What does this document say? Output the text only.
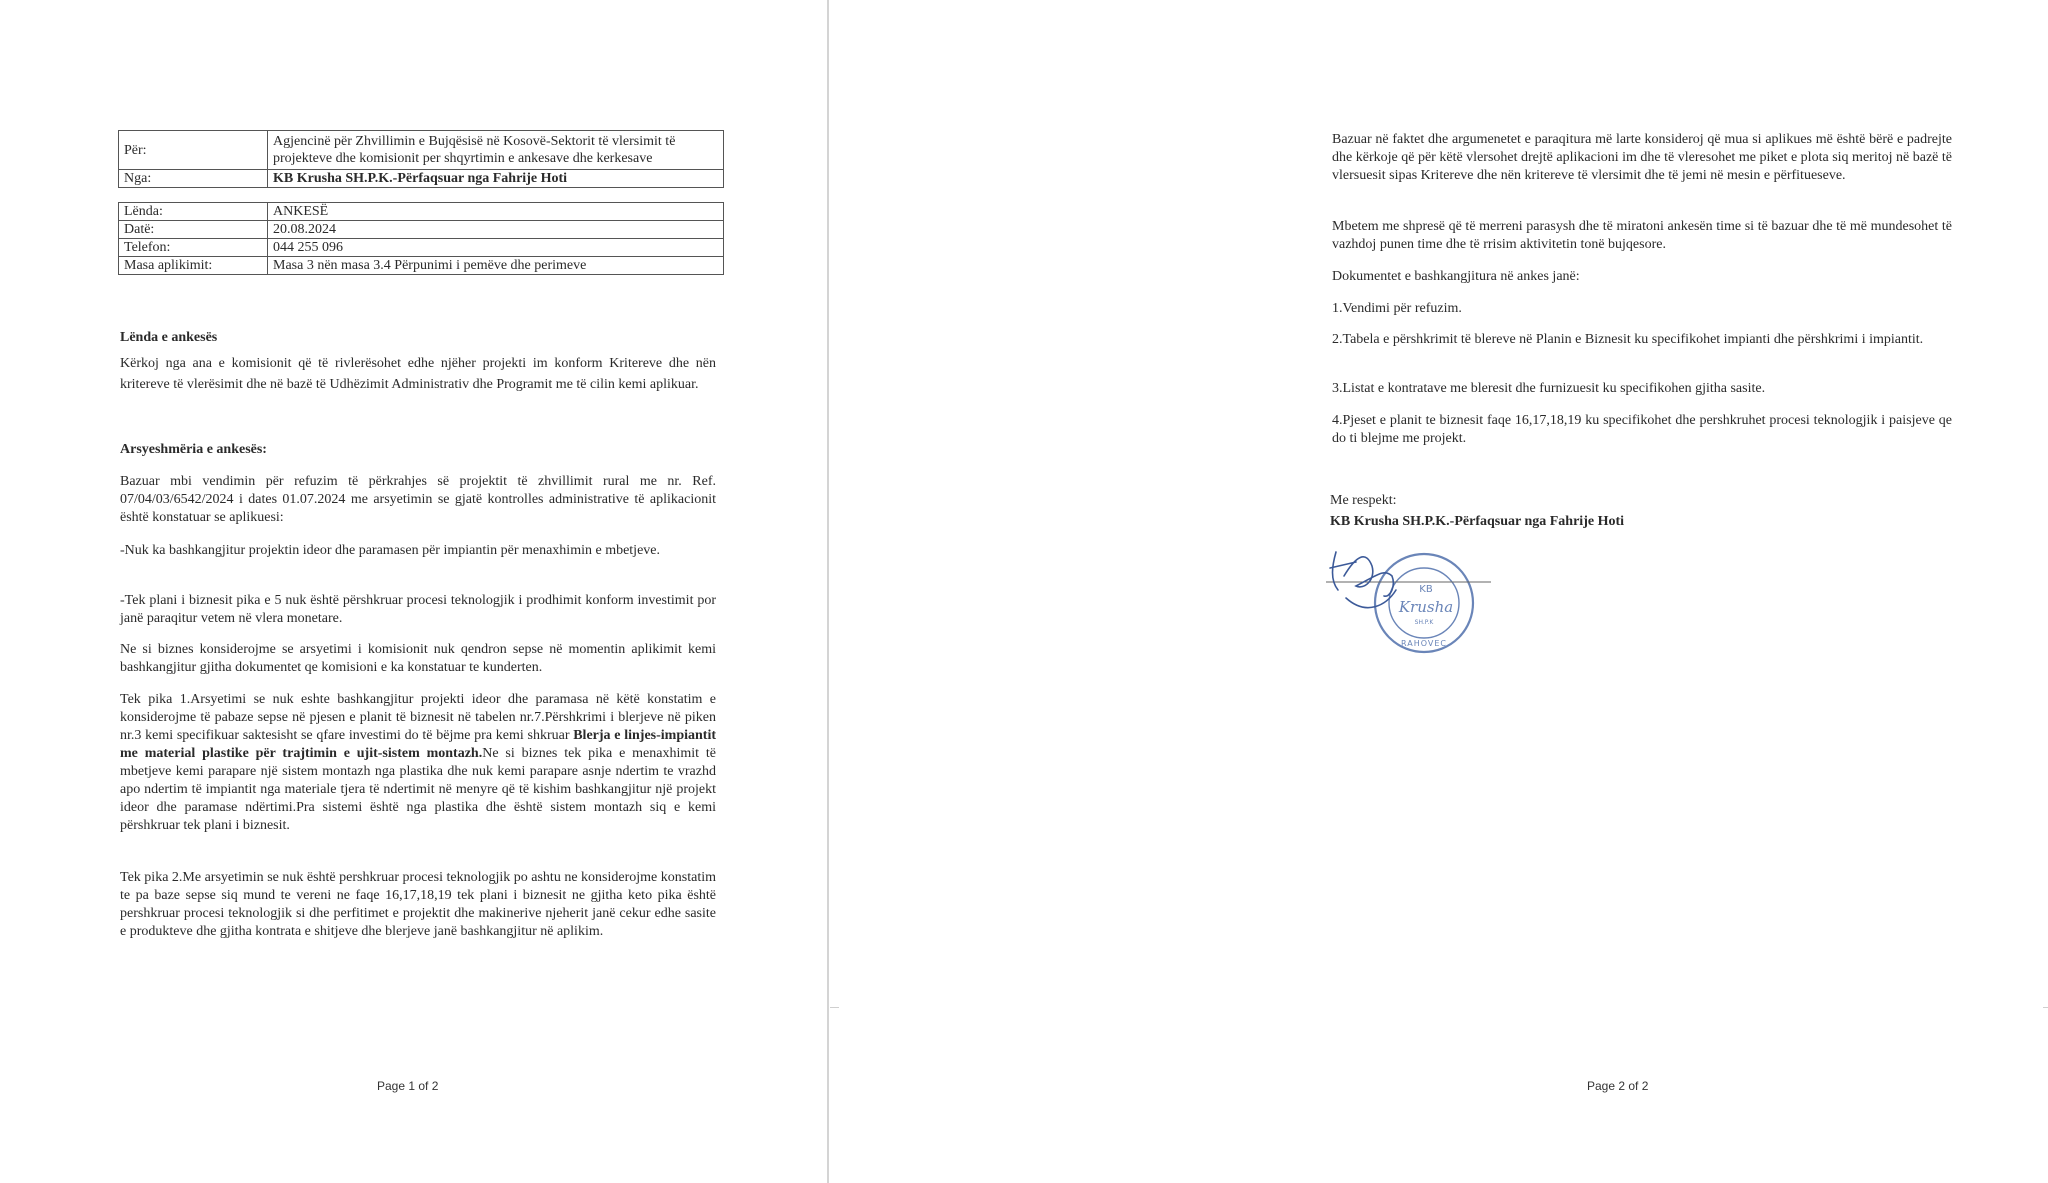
Për:	Agjencinë për Zhvillimin e Bujqësisë në Kosovë-Sektorit të vlersimit të projekteve dhe komisionit per shqyrtimin e ankesave dhe kerkesave
Nga:	KB Krusha SH.P.K.-Përfaqsuar nga Fahrije Hoti

Lënda:	ANKESË
Datë:	20.08.2024
Telefon:	044 255 096
Masa aplikimit:	Masa 3 nën masa 3.4 Përpunimi i pemëve dhe perimeve

Lënda e ankesës

Kërkoj nga ana e komisionit që të rivlerësohet edhe njëher projekti im konform Kritereve dhe nën kritereve të vlerësimit dhe në bazë të Udhëzimit Administrativ dhe Programit me të cilin kemi aplikuar.

Arsyeshmëria e ankesës:

Bazuar mbi vendimin për refuzim të përkrahjes së projektit të zhvillimit rural me nr. Ref. 07/04/03/6542/2024 i dates 01.07.2024 me arsyetimin se gjatë kontrolles administrative të aplikacionit është konstatuar se aplikuesi:

-Nuk ka bashkangjitur projektin ideor dhe paramasen për impiantin për menaxhimin e mbetjeve.

-Tek plani i biznesit pika e 5 nuk është përshkruar procesi teknologjik i prodhimit konform investimit por janë paraqitur vetem në vlera monetare.

Ne si biznes konsiderojme se arsyetimi i komisionit nuk qendron sepse në momentin aplikimit kemi bashkangjitur gjitha dokumentet qe komisioni e ka konstatuar te kunderten.

Tek pika 1.Arsyetimi se nuk eshte bashkangjitur projekti ideor dhe paramasa në këtë konstatim e konsiderojme të pabaze sepse në pjesen e planit të biznesit në tabelen nr.7.Përshkrimi i blerjeve në piken nr.3 kemi specifikuar saktesisht se qfare investimi do të bëjme pra kemi shkruar Blerja e linjes-impiantit me material plastike për trajtimin e ujit-sistem montazh.Ne si biznes tek pika e menaxhimit të mbetjeve kemi parapare një sistem montazh nga plastika dhe nuk kemi parapare asnje ndertim te vrazhd apo ndertim të impiantit nga materiale tjera të ndertimit në menyre që të kishim bashkangjitur një projekt ideor dhe paramase ndërtimi.Pra sistemi është nga plastika dhe është sistem montazh siq e kemi përshkruar tek plani i biznesit.

Tek pika 2.Me arsyetimin se nuk është pershkruar procesi teknologjik po ashtu ne konsiderojme konstatim te pa baze sepse siq mund te vereni ne faqe 16,17,18,19 tek plani i biznesit ne gjitha keto pika është pershkruar procesi teknologjik si dhe perfitimet e projektit dhe makinerive njeherit janë cekur edhe sasite e produkteve dhe gjitha kontrata e shitjeve dhe blerjeve janë bashkangjitur në aplikim.

Page 1 of 2

Bazuar në faktet dhe argumenetet e paraqitura më larte konsideroj që mua si aplikues më është bërë e padrejte dhe kërkoje që për këtë vlersohet drejtë aplikacioni im dhe të vleresohet me piket e plota siq meritoj në bazë të vlersuesit sipas Kritereve dhe nën kritereve të vlersimit dhe të jemi në mesin e përfitueseve.

Mbetem me shpresë që të merreni parasysh dhe të miratoni ankesën time si të bazuar dhe të më mundesohet të vazhdoj punen time dhe të rrisim aktivitetin tonë bujqesore.

Dokumentet e bashkangjitura në ankes janë:

1.Vendimi për refuzim.

2.Tabela e përshkrimit të blereve në Planin e Biznesit ku specifikohet impianti dhe përshkrimi i impiantit.

3.Listat e kontratave me bleresit dhe furnizuesit ku specifikohen gjitha sasite.

4.Pjeset e planit te biznesit faqe 16,17,18,19 ku specifikohet dhe pershkruhet procesi teknologjik i paisjeve qe do ti blejme me projekt.

Me respekt:

KB Krusha SH.P.K.-Përfaqsuar nga Fahrije Hoti

Page 2 of 2
Krusha
KB
SH.P.K
RAHOVEC
